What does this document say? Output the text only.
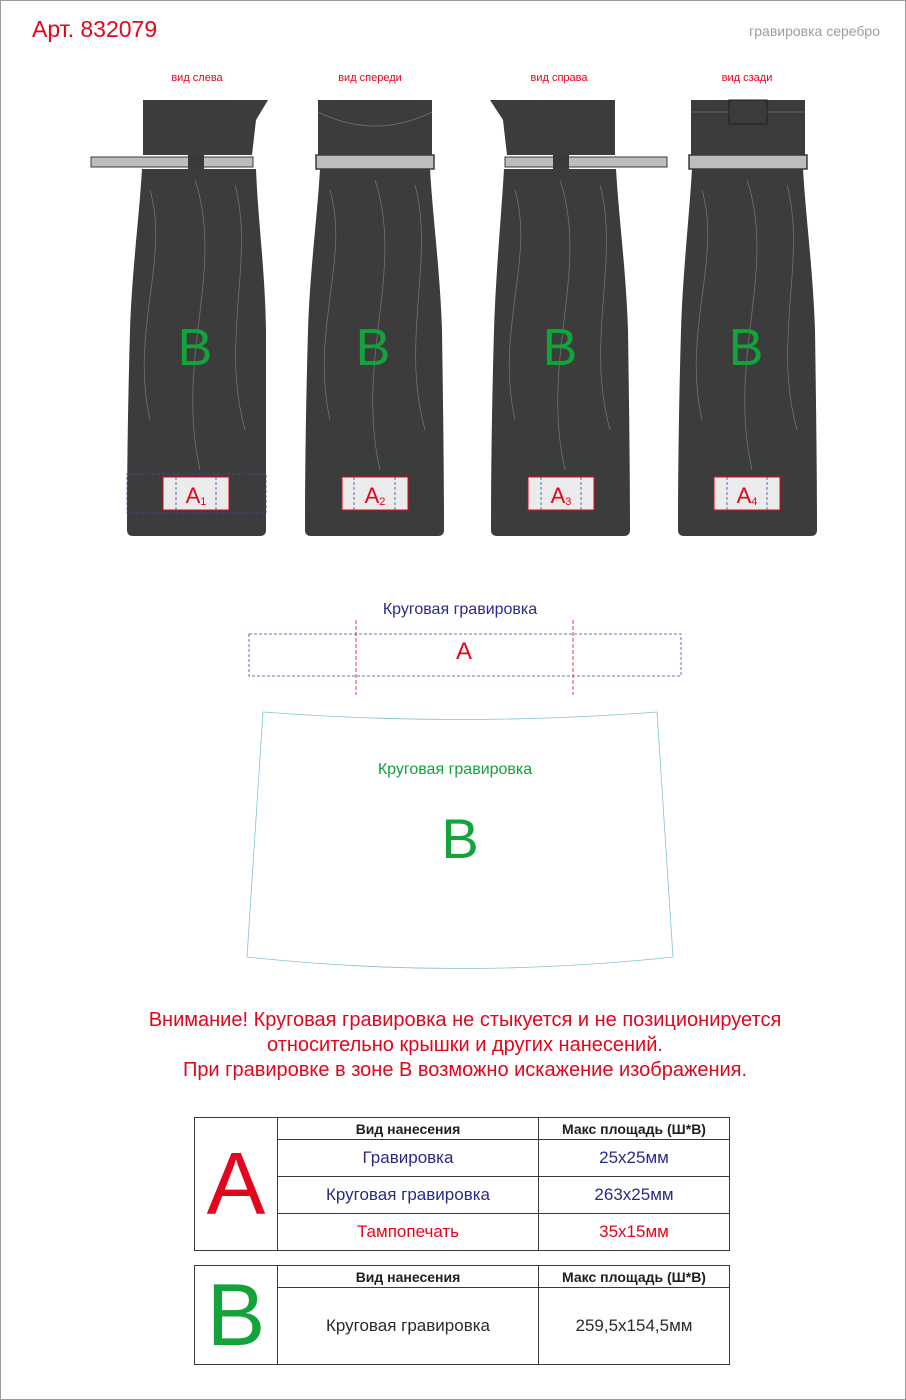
Арт. 832079	гравировка серебро
вид слева	вид спереди	вид справа	вид сзади
B	B	B	B
$A_1$	$A_2$	$A_3$	$A_4$
Круговая гравировка
A
Круговая гравировка
B
Внимание! Круговая гравировка не стыкуется и не позиционируется
относительно крышки и других нанесений.
При гравировке в зоне В возможно искажение изображения.
A	Вид нанесения	Макс площадь (Ш*В)
	Гравировка	25x25мм
	Круговая гравировка	263x25мм
	Тампопечать	35x15мм
B	Вид нанесения	Макс площадь (Ш*В)
	Круговая гравировка	259,5x154,5мм
